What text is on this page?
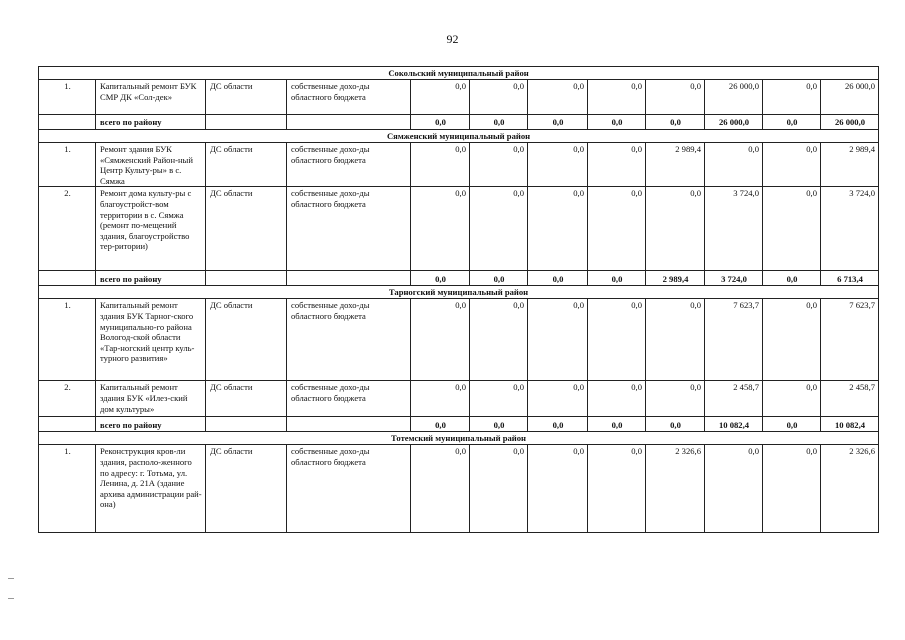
92
Сокольский муниципальный район											
1.	Капитальный ремонт БУК СМР ДК «Сол-дек»	ДС области	собственные дохо-ды областного бюджета	0,0	0,0	0,0	0,0	0,0	26 000,0	0,0	26 000,0
	всего по району			0,0	0,0	0,0	0,0	0,0	26 000,0	0,0	26 000,0
Сямженский муниципальный район											
1.	Ремонт здания БУК «Сямженский Район-ный Центр Культу-ры» в с. Сямжа	ДС области	собственные дохо-ды областного бюджета	0,0	0,0	0,0	0,0	2 989,4	0,0	0,0	2 989,4
2.	Ремонт дома культу-ры с благоустройст-вом территории в с. Сямжа (ремонт по-мещений здания, благоустройство тер-ритории)	ДС области	собственные дохо-ды областного бюджета	0,0	0,0	0,0	0,0	0,0	3 724,0	0,0	3 724,0
	всего по району			0,0	0,0	0,0	0,0	2 989,4	3 724,0	0,0	6 713,4
Тарногский муниципальный район											
1.	Капитальный ремонт здания БУК Тарног-ского муниципально-го района Вологод-ской области «Тар-ногский центр куль-турного развития»	ДС области	собственные дохо-ды областного бюджета	0,0	0,0	0,0	0,0	0,0	7 623,7	0,0	7 623,7
2.	Капитальный ремонт здания БУК «Илез-ский дом культуры»	ДС области	собственные дохо-ды областного бюджета	0,0	0,0	0,0	0,0	0,0	2 458,7	0,0	2 458,7
	всего по району			0,0	0,0	0,0	0,0	0,0	10 082,4	0,0	10 082,4
Тотемский муниципальный район											
1.	Реконструкция кров-ли здания, располо-женного по адресу: г. Тотьма, ул. Ленина, д. 21А (здание архива администрации рай-она)	ДС области	собственные дохо-ды областного бюджета	0,0	0,0	0,0	0,0	2 326,6	0,0	0,0	2 326,6
